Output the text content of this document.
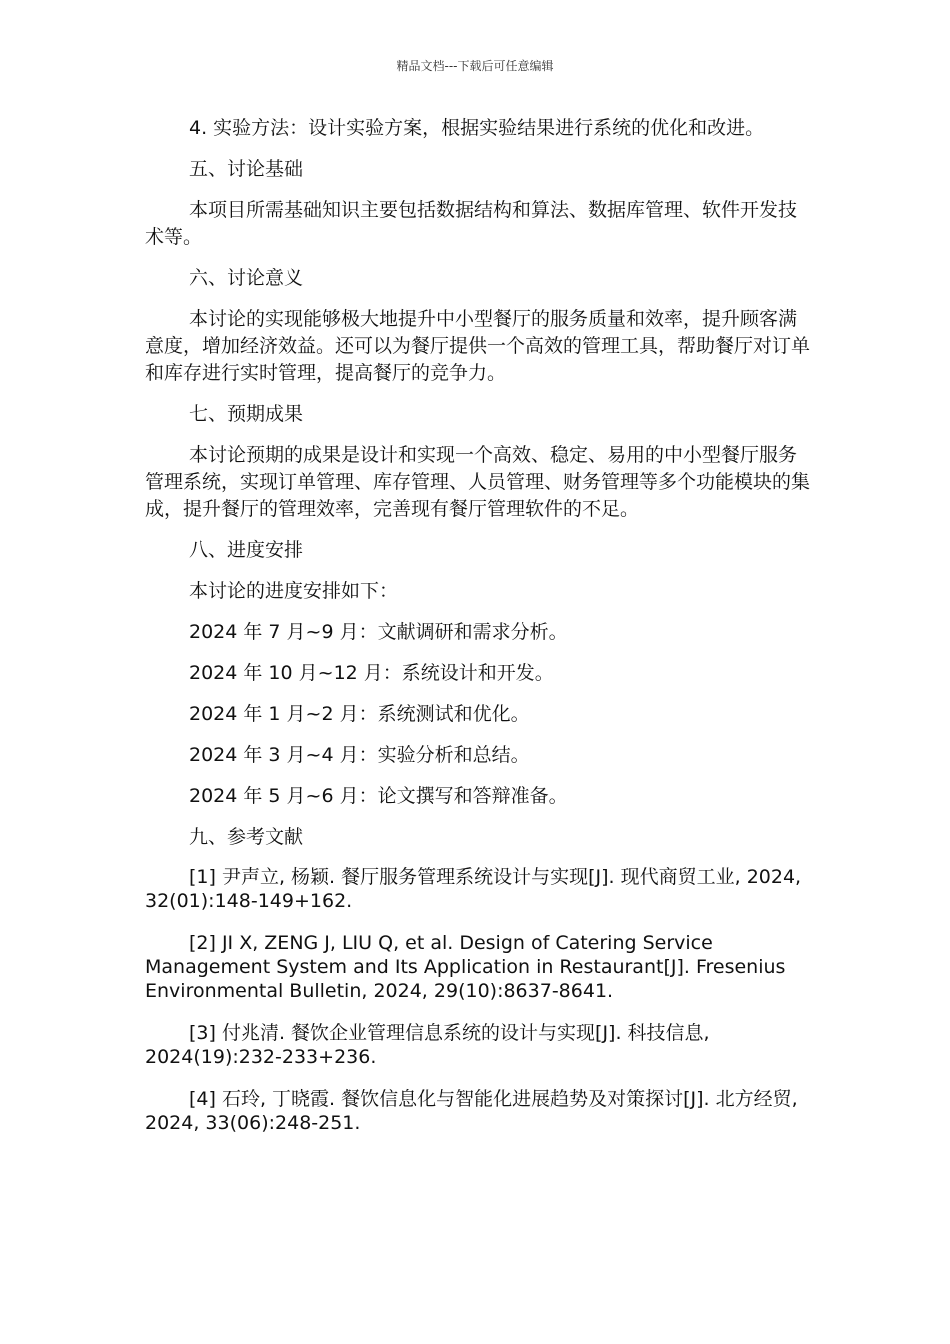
精品文档---下载后可任意编辑

4. 实验方法：设计实验方案，根据实验结果进行系统的优化和改进。

五、讨论基础

本项目所需基础知识主要包括数据结构和算法、数据库管理、软件开发技术等。

六、讨论意义

本讨论的实现能够极大地提升中小型餐厅的服务质量和效率，提升顾客满意度，增加经济效益。还可以为餐厅提供一个高效的管理工具，帮助餐厅对订单和库存进行实时管理，提高餐厅的竞争力。

七、预期成果

本讨论预期的成果是设计和实现一个高效、稳定、易用的中小型餐厅服务管理系统，实现订单管理、库存管理、人员管理、财务管理等多个功能模块的集成，提升餐厅的管理效率，完善现有餐厅管理软件的不足。

八、进度安排

本讨论的进度安排如下：

2024 年 7 月~9 月：文献调研和需求分析。

2024 年 10 月~12 月：系统设计和开发。

2024 年 1 月~2 月：系统测试和优化。

2024 年 3 月~4 月：实验分析和总结。

2024 年 5 月~6 月：论文撰写和答辩准备。

九、参考文献

[1] 尹声立, 杨颖. 餐厅服务管理系统设计与实现[J]. 现代商贸工业, 2024, 32(01):148-149+162.

[2] JI X, ZENG J, LIU Q, et al. Design of Catering Service Management System and Its Application in Restaurant[J]. Fresenius Environmental Bulletin, 2024, 29(10):8637-8641.

[3] 付兆清. 餐饮企业管理信息系统的设计与实现[J]. 科技信息, 2024(19):232-233+236.

[4] 石玲, 丁晓霞. 餐饮信息化与智能化进展趋势及对策探讨[J]. 北方经贸, 2024, 33(06):248-251.
